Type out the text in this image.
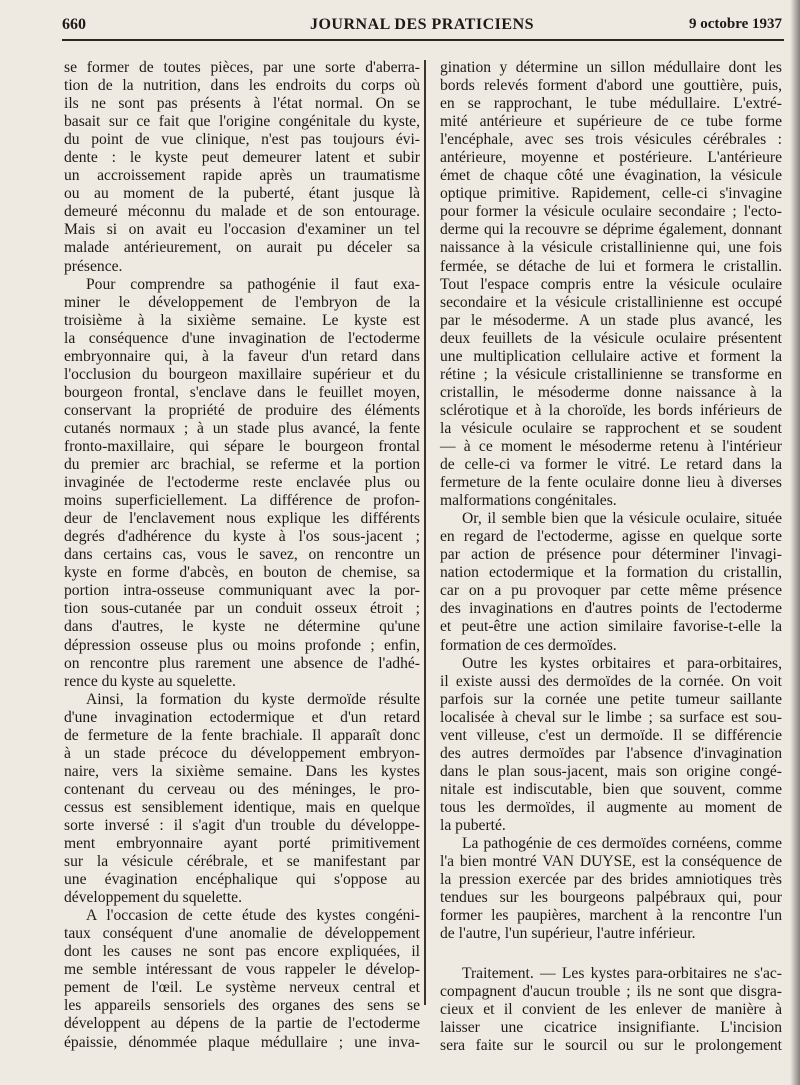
660	JOURNAL DES PRATICIENS	9 octobre 1937
se former de toutes pièces, par une sorte d'aberra-
tion de la nutrition, dans les endroits du corps où
ils ne sont pas présents à l'état normal. On se
basait sur ce fait que l'origine congénitale du kyste,
du point de vue clinique, n'est pas toujours évi-
dente : le kyste peut demeurer latent et subir
un accroissement rapide après un traumatisme
ou au moment de la puberté, étant jusque là
demeuré méconnu du malade et de son entourage.
Mais si on avait eu l'occasion d'examiner un tel
malade antérieurement, on aurait pu déceler sa
présence.
Pour comprendre sa pathogénie il faut exa-
miner le développement de l'embryon de la
troisième à la sixième semaine. Le kyste est
la conséquence d'une invagination de l'ectoderme
embryonnaire qui, à la faveur d'un retard dans
l'occlusion du bourgeon maxillaire supérieur et du
bourgeon frontal, s'enclave dans le feuillet moyen,
conservant la propriété de produire des éléments
cutanés normaux ; à un stade plus avancé, la fente
fronto-maxillaire, qui sépare le bourgeon frontal
du premier arc brachial, se referme et la portion
invaginée de l'ectoderme reste enclavée plus ou
moins superficiellement. La différence de profon-
deur de l'enclavement nous explique les différents
degrés d'adhérence du kyste à l'os sous-jacent ;
dans certains cas, vous le savez, on rencontre un
kyste en forme d'abcès, en bouton de chemise, sa
portion intra-osseuse communiquant avec la por-
tion sous-cutanée par un conduit osseux étroit ;
dans d'autres, le kyste ne détermine qu'une
dépression osseuse plus ou moins profonde ; enfin,
on rencontre plus rarement une absence de l'adhé-
rence du kyste au squelette.
Ainsi, la formation du kyste dermoïde résulte
d'une invagination ectodermique et d'un retard
de fermeture de la fente brachiale. Il apparaît donc
à un stade précoce du développement embryon-
naire, vers la sixième semaine. Dans les kystes
contenant du cerveau ou des méninges, le pro-
cessus est sensiblement identique, mais en quelque
sorte inversé : il s'agit d'un trouble du développe-
ment embryonnaire ayant porté primitivement
sur la vésicule cérébrale, et se manifestant par
une évagination encéphalique qui s'oppose au
développement du squelette.
A l'occasion de cette étude des kystes congéni-
taux conséquent d'une anomalie de développement
dont les causes ne sont pas encore expliquées, il
me semble intéressant de vous rappeler le dévelop-
pement de l'œil. Le système nerveux central et
les appareils sensoriels des organes des sens se
développent au dépens de la partie de l'ectoderme
épaissie, dénommée plaque médullaire ; une inva-
gination y détermine un sillon médullaire dont les
bords relevés forment d'abord une gouttière, puis,
en se rapprochant, le tube médullaire. L'extré-
mité antérieure et supérieure de ce tube forme
l'encéphale, avec ses trois vésicules cérébrales :
antérieure, moyenne et postérieure. L'antérieure
émet de chaque côté une évagination, la vésicule
optique primitive. Rapidement, celle-ci s'invagine
pour former la vésicule oculaire secondaire ; l'ecto-
derme qui la recouvre se déprime également, donnant
naissance à la vésicule cristallinienne qui, une fois
fermée, se détache de lui et formera le cristallin.
Tout l'espace compris entre la vésicule oculaire
secondaire et la vésicule cristallinienne est occupé
par le mésoderme. A un stade plus avancé, les
deux feuillets de la vésicule oculaire présentent
une multiplication cellulaire active et forment la
rétine ; la vésicule cristallinienne se transforme en
cristallin, le mésoderme donne naissance à la
sclérotique et à la choroïde, les bords inférieurs de
la vésicule oculaire se rapprochent et se soudent
— à ce moment le mésoderme retenu à l'intérieur
de celle-ci va former le vitré. Le retard dans la
fermeture de la fente oculaire donne lieu à diverses
malformations congénitales.
Or, il semble bien que la vésicule oculaire, située
en regard de l'ectoderme, agisse en quelque sorte
par action de présence pour déterminer l'invagi-
nation ectodermique et la formation du cristallin,
car on a pu provoquer par cette même présence
des invaginations en d'autres points de l'ectoderme
et peut-être une action similaire favorise-t-elle la
formation de ces dermoïdes.
Outre les kystes orbitaires et para-orbitaires,
il existe aussi des dermoïdes de la cornée. On voit
parfois sur la cornée une petite tumeur saillante
localisée à cheval sur le limbe ; sa surface est sou-
vent villeuse, c'est un dermoïde. Il se différencie
des autres dermoïdes par l'absence d'invagination
dans le plan sous-jacent, mais son origine congé-
nitale est indiscutable, bien que souvent, comme
tous les dermoïdes, il augmente au moment de
la puberté.
La pathogénie de ces dermoïdes cornéens, comme
l'a bien montré VAN DUYSE, est la conséquence de
la pression exercée par des brides amniotiques très
tendues sur les bourgeons palpébraux qui, pour
former les paupières, marchent à la rencontre l'un
de l'autre, l'un supérieur, l'autre inférieur.
Traitement. — Les kystes para-orbitaires ne s'ac-
compagnent d'aucun trouble ; ils ne sont que disgra-
cieux et il convient de les enlever de manière à
laisser une cicatrice insignifiante. L'incision
sera faite sur le sourcil ou sur le prolongement
